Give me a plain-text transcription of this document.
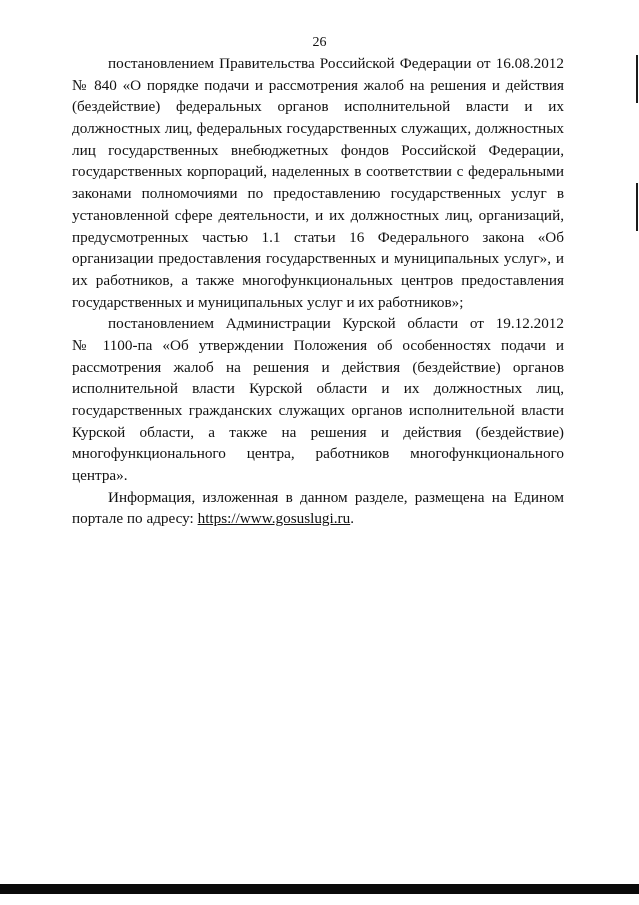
26
постановлением Правительства Российской Федерации от 16.08.2012
№ 840 «О порядке подачи и рассмотрения жалоб на решения и действия
(бездействие) федеральных органов исполнительной власти и их
должностных лиц, федеральных государственных служащих, должностных
лиц государственных внебюджетных фондов Российской Федерации,
государственных корпораций, наделенных в соответствии с федеральными
законами полномочиями по предоставлению государственных услуг в
установленной сфере деятельности, и их должностных лиц, организаций,
предусмотренных частью 1.1 статьи 16 Федерального закона «Об
организации предоставления государственных и муниципальных услуг», и
их работников, а также многофункциональных центров предоставления
государственных и муниципальных услуг и их работников»;
постановлением Администрации Курской области от 19.12.2012
№ 1100-па «Об утверждении Положения об особенностях подачи и
рассмотрения жалоб на решения и действия (бездействие) органов
исполнительной власти Курской области и их должностных лиц,
государственных гражданских служащих органов исполнительной власти
Курской области, а также на решения и действия (бездействие)
многофункционального центра, работников многофункционального
центра».
Информация, изложенная в данном разделе, размещена на Едином
портале по адресу: https://www.gosuslugi.ru.
